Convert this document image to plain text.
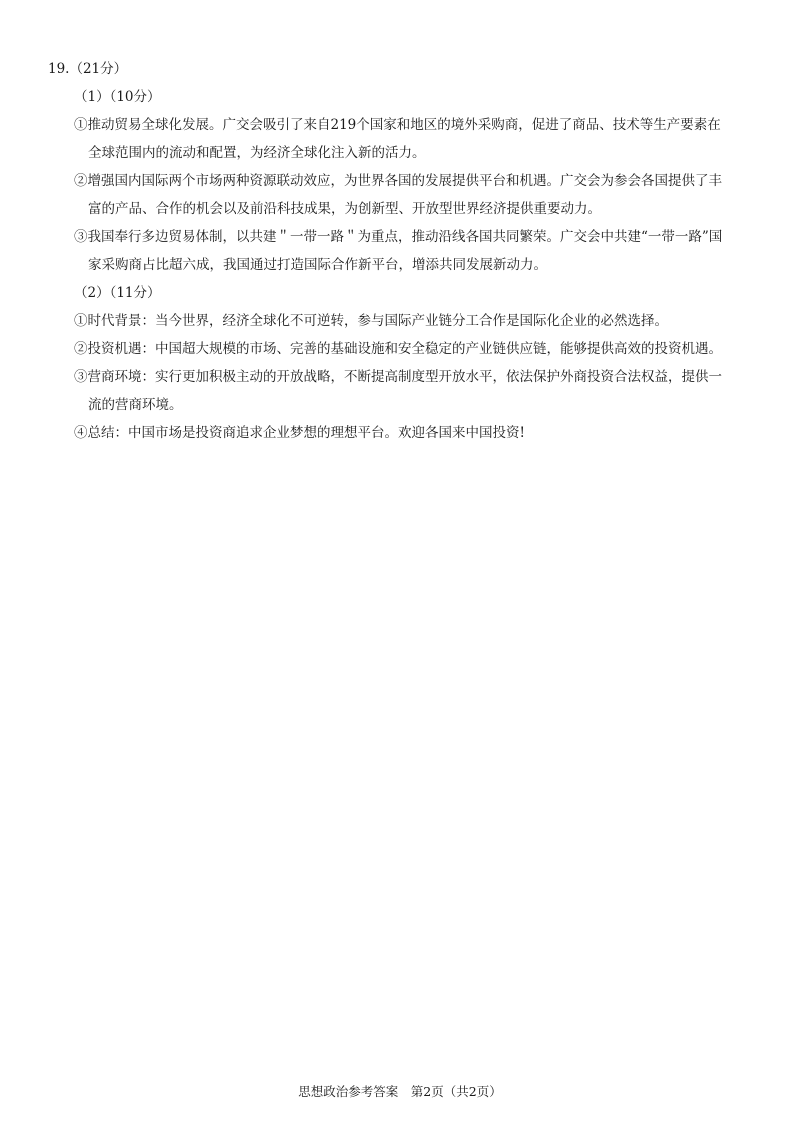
19.（21分）
（1）（10分）
①推动贸易全球化发展。广交会吸引了来自219个国家和地区的境外采购商，促进了商品、技术等生产要素在
全球范围内的流动和配置，为经济全球化注入新的活力。
②增强国内国际两个市场两种资源联动效应，为世界各国的发展提供平台和机遇。广交会为参会各国提供了丰
富的产品、合作的机会以及前沿科技成果，为创新型、开放型世界经济提供重要动力。
③我国奉行多边贸易体制，以共建＂一带一路＂为重点，推动沿线各国共同繁荣。广交会中共建“一带一路”国
家采购商占比超六成，我国通过打造国际合作新平台，增添共同发展新动力。
（2）（11分）
①时代背景：当今世界，经济全球化不可逆转，参与国际产业链分工合作是国际化企业的必然选择。
②投资机遇：中国超大规模的市场、完善的基础设施和安全稳定的产业链供应链，能够提供高效的投资机遇。
③营商环境：实行更加积极主动的开放战略，不断提高制度型开放水平，依法保护外商投资合法权益，提供一
流的营商环境。
④总结：中国市场是投资商追求企业梦想的理想平台。欢迎各国来中国投资!
思想政治参考答案　第2页（共2页）
